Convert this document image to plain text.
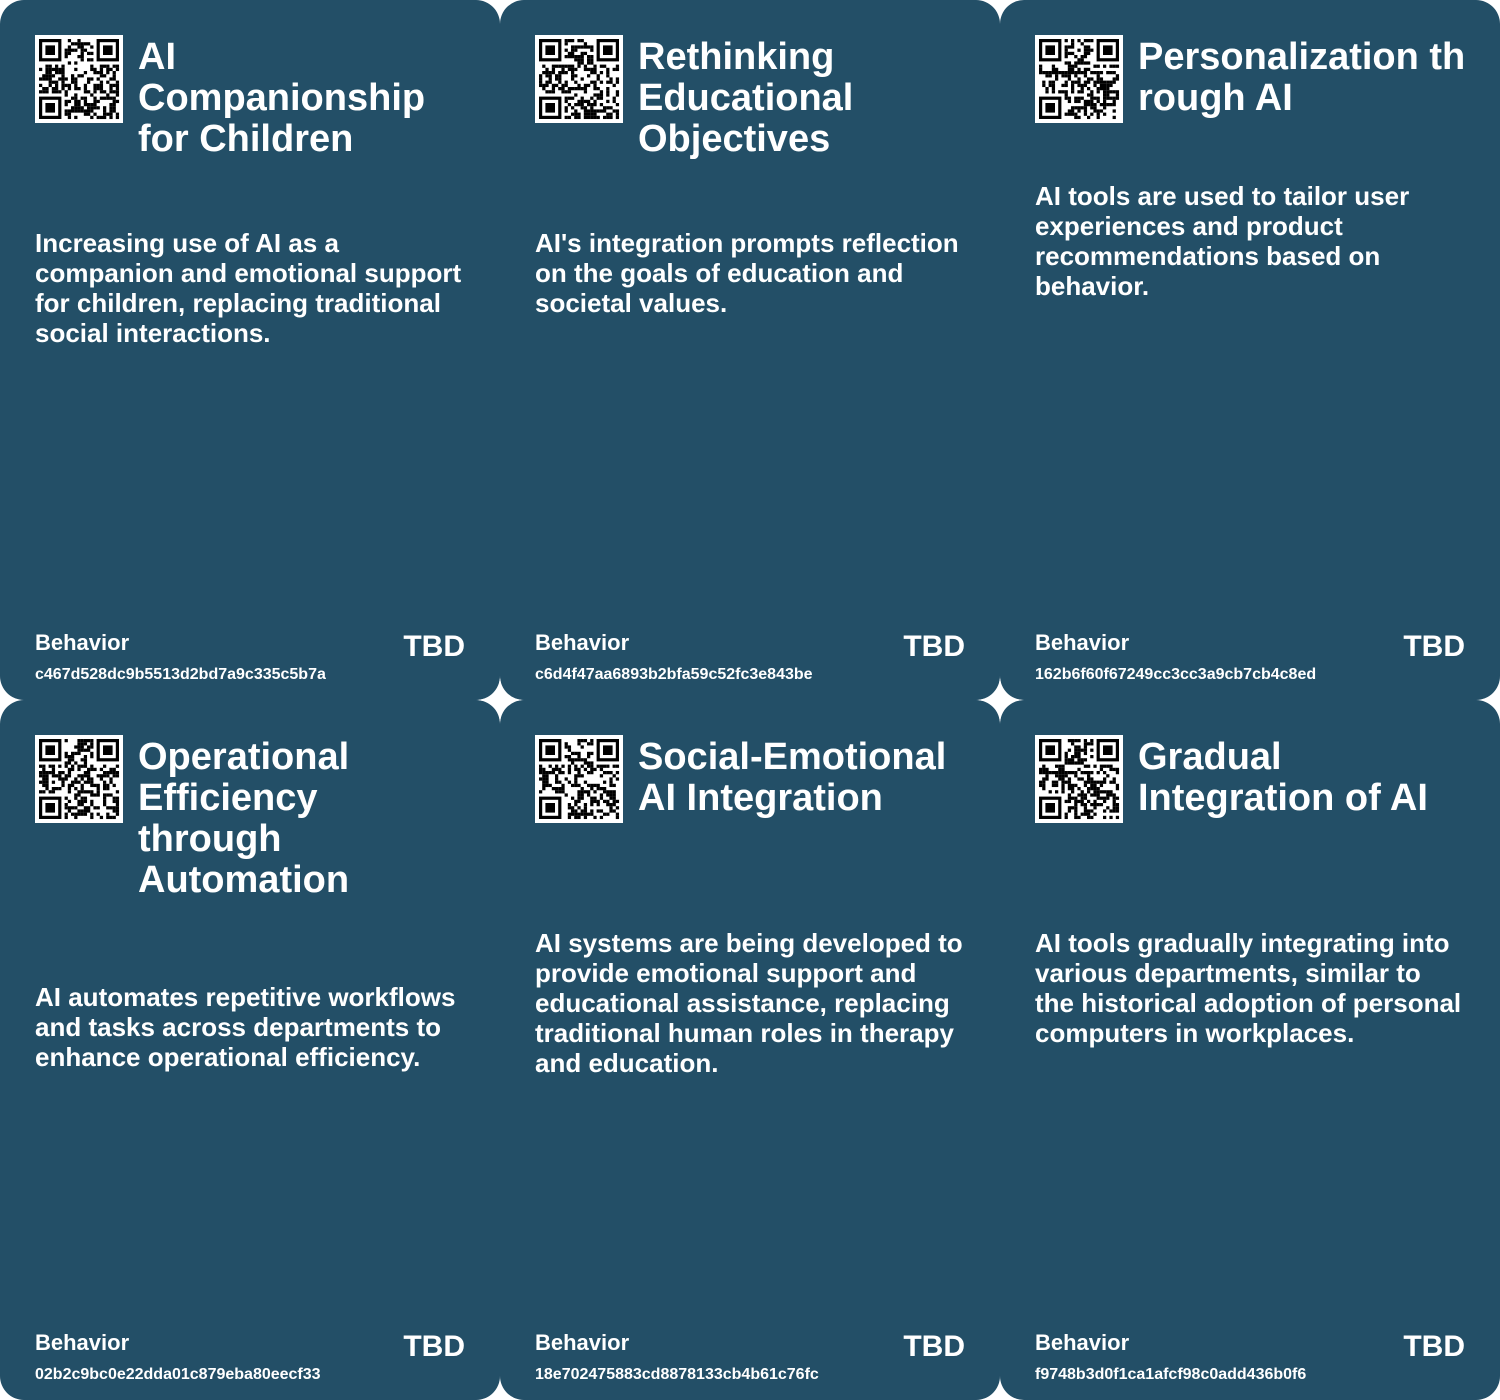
AI Companionship for Children
Increasing use of AI as a companion and emotional support for children, replacing traditional social interactions.
Behavior
c467d528dc9b5513d2bd7a9c335c5b7a
TBD
Rethinking Educational Objectives
AI's integration prompts reflection on the goals of education and societal values.
Behavior
c6d4f47aa6893b2bfa59c52fc3e843be
TBD
Personalization through AI
AI tools are used to tailor user experiences and product recommendations based on behavior.
Behavior
162b6f60f67249cc3cc3a9cb7cb4c8ed
TBD
Operational Efficiency through Automation
AI automates repetitive workflows and tasks across departments to enhance operational efficiency.
Behavior
02b2c9bc0e22dda01c879eba80eecf33
TBD
Social-Emotional AI Integration
AI systems are being developed to provide emotional support and educational assistance, replacing traditional human roles in therapy and education.
Behavior
18e702475883cd8878133cb4b61c76fc
TBD
Gradual Integration of AI
AI tools gradually integrating into various departments, similar to the historical adoption of personal computers in workplaces.
Behavior
f9748b3d0f1ca1afcf98c0add436b0f6
TBD
